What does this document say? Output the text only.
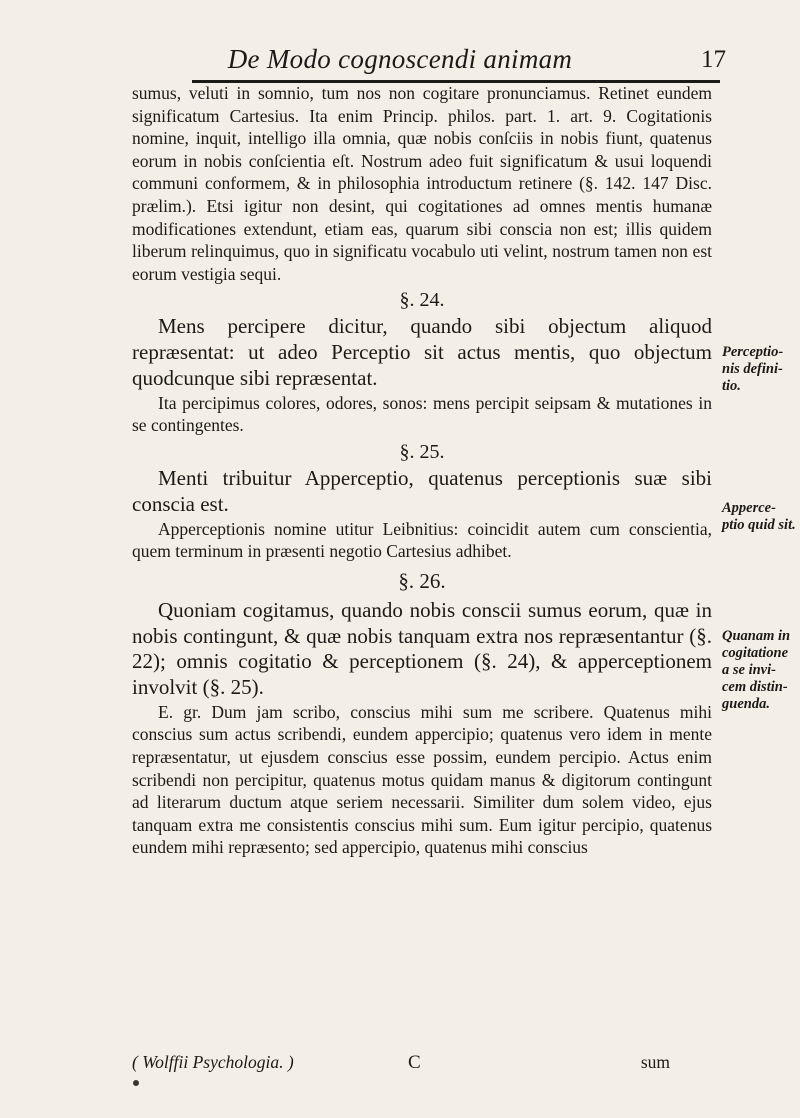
De Modo cognoscendi animam	17

sumus, veluti in somnio, tum nos non cogitare pronunciamus. Retinet eundem significatum Cartesius. Ita enim Princip. philos. part. 1. art. 9. Cogitationis nomine, inquit, intelligo illa omnia, quæ nobis conſciis in nobis fiunt, quatenus eorum in nobis conſcientia eſt. Nostrum adeo fuit significatum & usui loquendi communi conformem, & in philosophia introductum retinere (§. 142. 147 Disc. prælim.). Etsi igitur non desint, qui cogitationes ad omnes mentis humanæ modificationes extendunt, etiam eas, quarum sibi conscia non est; illis quidem liberum relinquimus, quo in significatu vocabulo uti velint, nostrum tamen non est eorum vestigia sequi.

§. 24.

Mens percipere dicitur, quando sibi objectum aliquod repræsentat: ut adeo Perceptio sit actus mentis, quo objectum quodcunque sibi repræsentat.

Ita percipimus colores, odores, sonos: mens percipit seipsam & mutationes in se contingentes.

§. 25.

Menti tribuitur Apperceptio, quatenus perceptionis suæ sibi conscia est.

Apperceptionis nomine utitur Leibnitius: coincidit autem cum conscientia, quem terminum in præsenti negotio Cartesius adhibet.

§. 26.

Quoniam cogitamus, quando nobis conscii sumus eorum, quæ in nobis contingunt, & quæ nobis tanquam extra nos repræsentantur (§. 22); omnis cogitatio & perceptionem (§. 24), & apperceptionem involvit (§. 25).

E. gr. Dum jam scribo, conscius mihi sum me scribere. Quatenus mihi conscius sum actus scribendi, eundem appercipio; quatenus vero idem in mente repræsentatur, ut ejusdem conscius esse possim, eundem percipio. Actus enim scribendi non percipitur, quatenus motus quidam manus & digitorum contingunt ad literarum ductum atque seriem necessarii. Similiter dum solem video, ejus tanquam extra me consistentis conscius mihi sum. Eum igitur percipio, quatenus eundem mihi repræsento; sed appercipio, quatenus mihi conscius

Perceptio-nis defini-tio.
Apperce-ptio quid sit.
Quanam in cogitatione a se invi-cem distin-guenda.
( Wolffii Psychologia. )	C	sum
